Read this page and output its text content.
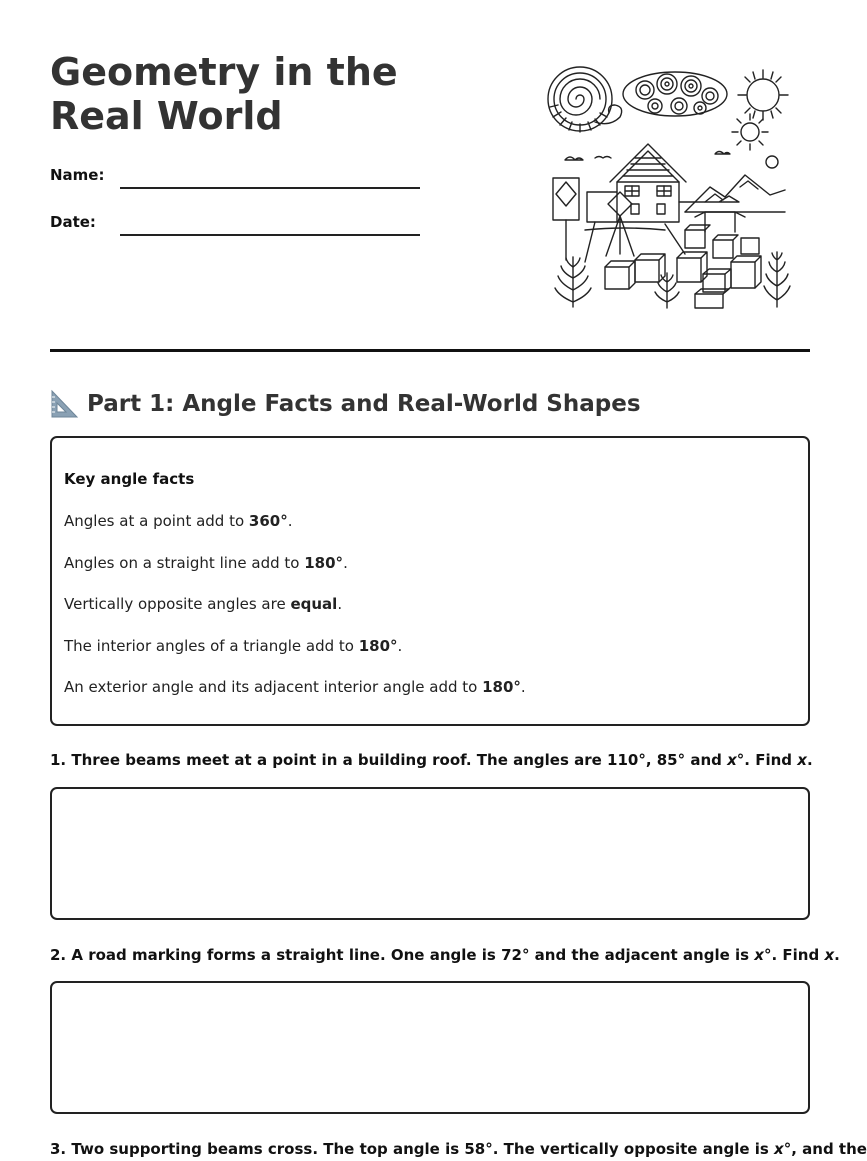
Geometry in the Real World
Name:
Date:
Part 1: Angle Facts and Real-World Shapes
Key angle facts
Angles at a point add to 360°.
Angles on a straight line add to 180°.
Vertically opposite angles are equal.
The interior angles of a triangle add to 180°.
An exterior angle and its adjacent interior angle add to 180°.
1. Three beams meet at a point in a building roof. The angles are 110°, 85° and x°. Find x.
2. A road marking forms a straight line. One angle is 72° and the adjacent angle is x°. Find x.
3. Two supporting beams cross. The top angle is 58°. The vertically opposite angle is x°, and the
